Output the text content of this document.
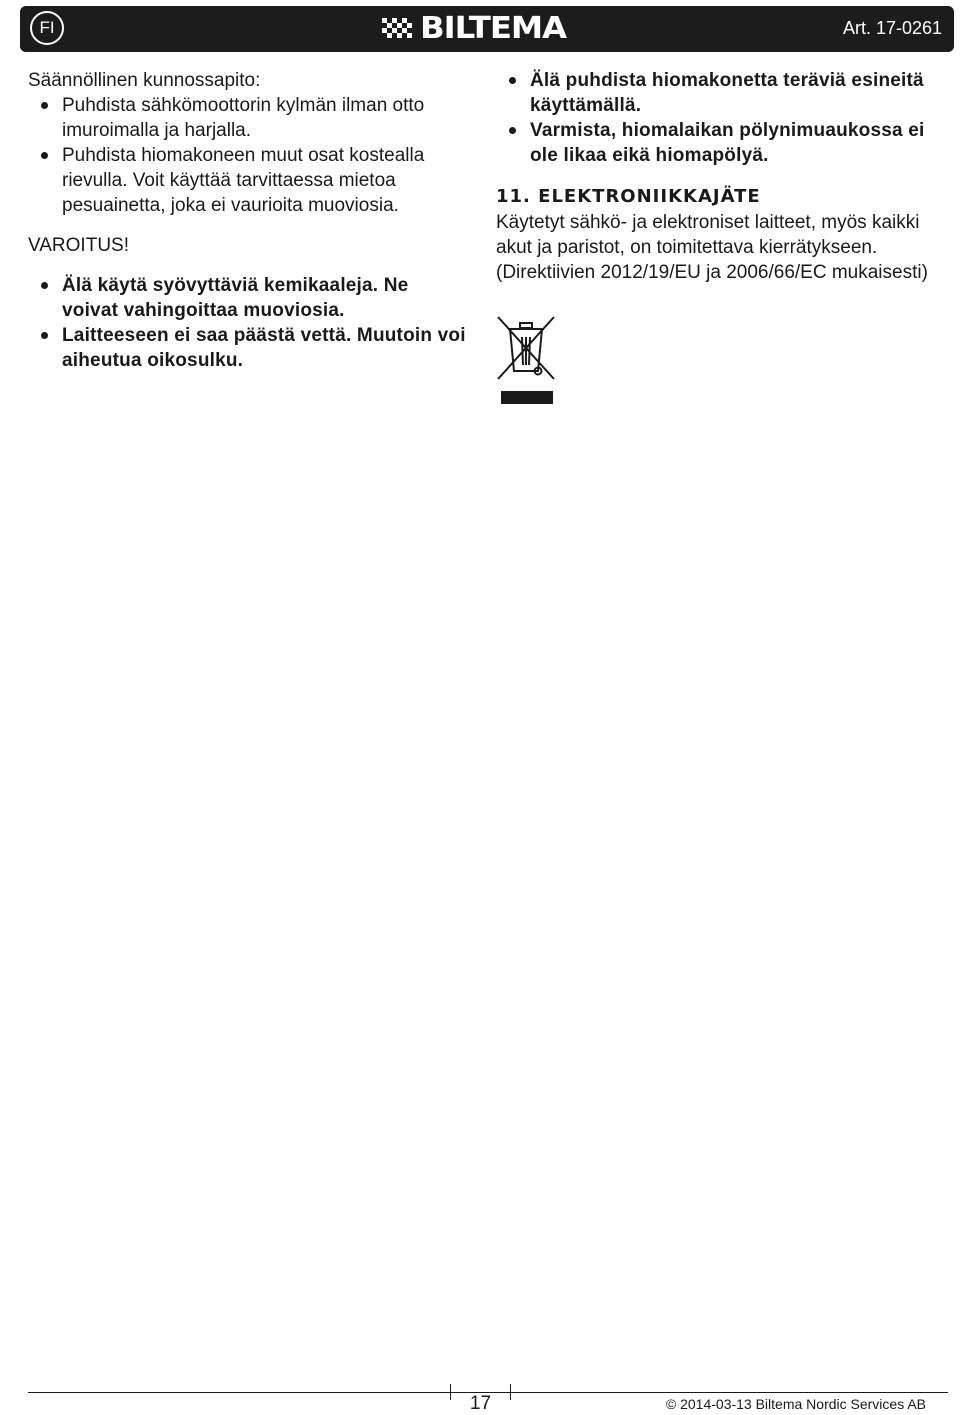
FI	BILTEMA	Art. 17-0261

Säännöllinen kunnossapito:

Puhdista sähkömoottorin kylmän ilman otto imuroimalla ja harjalla.
Puhdista hiomakoneen muut osat kostealla rievulla. Voit käyttää tarvittaessa mietoa pesuainetta, joka ei vaurioita muoviosia.

VAROITUS!

Älä käytä syövyttäviä kemikaaleja. Ne voivat vahingoittaa muoviosia.
Laitteeseen ei saa päästä vettä. Muutoin voi aiheutua oikosulku.
Älä puhdista hiomakonetta teräviä esineitä käyttämällä.
Varmista, hiomalaikan pölynimuaukossa ei ole likaa eikä hiomapölyä.

11. ELEKTRONIIKKAJÄTE

Käytetyt sähkö- ja elektroniset laitteet, myös kaikki akut ja paristot, on toimitettava kierrätykseen. (Direktiivien 2012/19/EU ja 2006/66/EC mukaisesti)

17	© 2014-03-13 Biltema Nordic Services AB
